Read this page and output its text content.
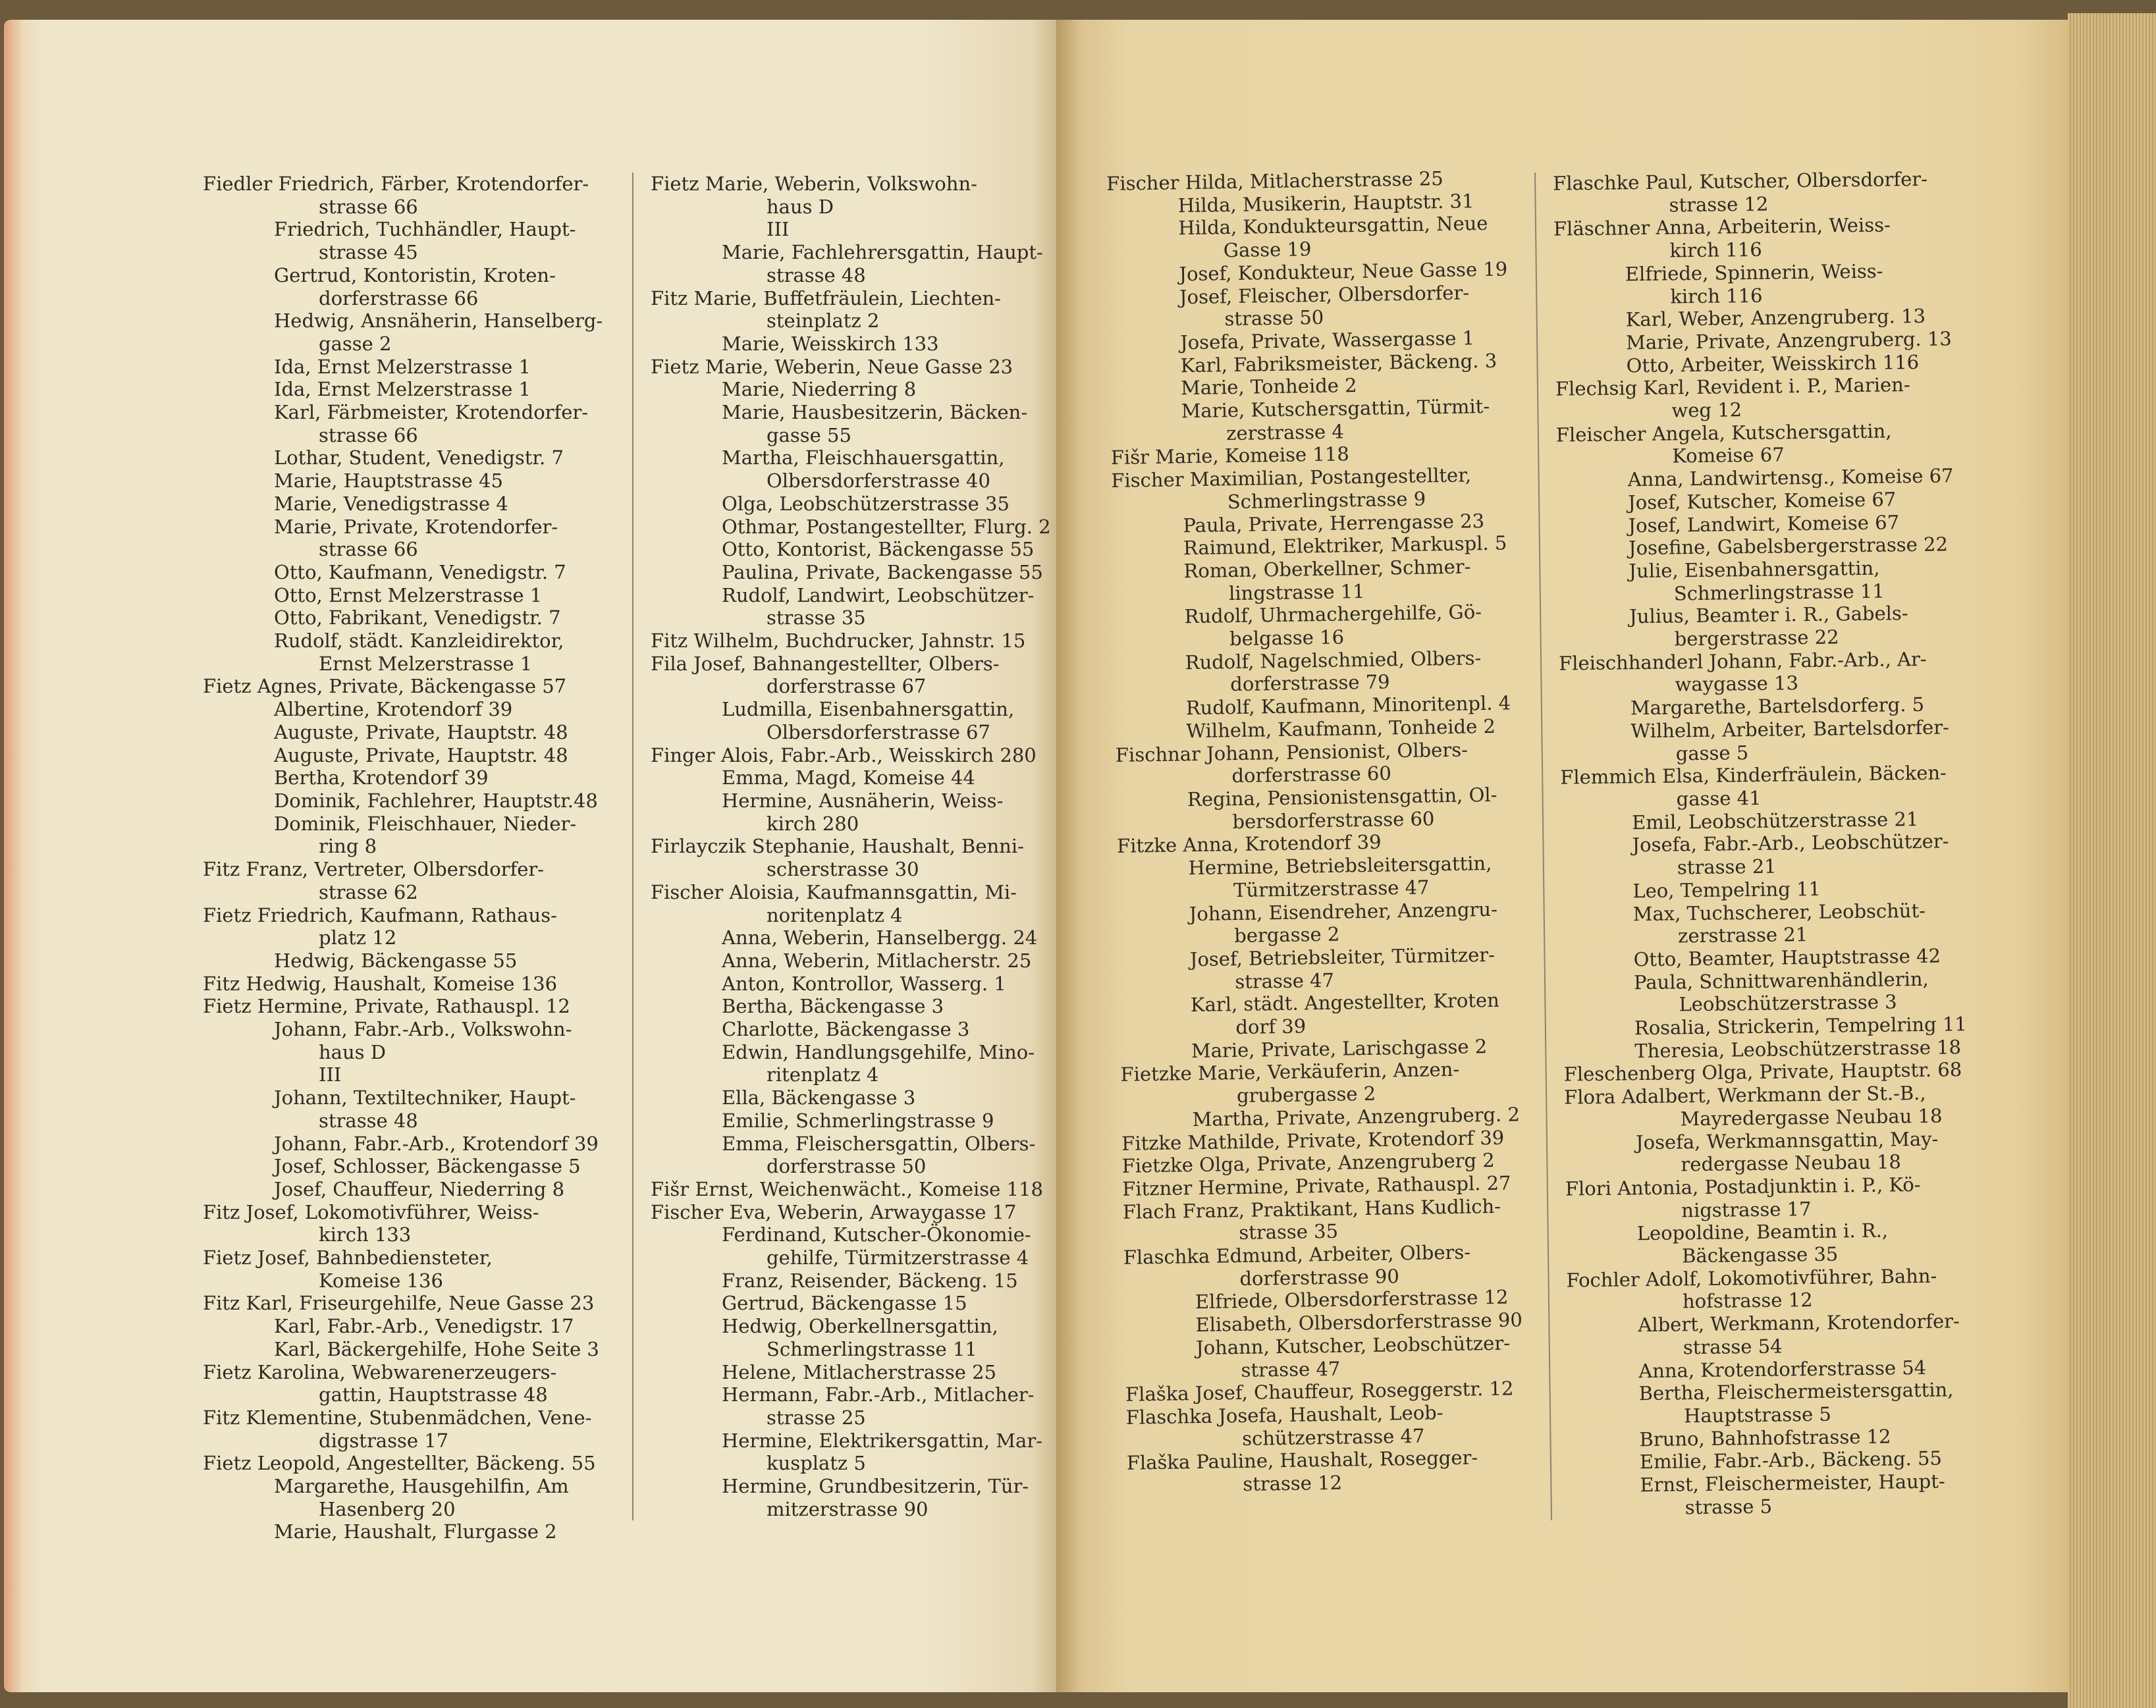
Fiedler Friedrich, Färber, Krotendorfer-
strasse 66
Friedrich, Tuchhändler, Haupt-
strasse 45
Gertrud, Kontoristin, Kroten-
dorferstrasse 66
Hedwig, Ansnäherin, Hanselberg-
gasse 2
Ida, Ernst Melzerstrasse 1
Ida, Ernst Melzerstrasse 1
Karl, Färbmeister, Krotendorfer-
strasse 66
Lothar, Student, Venedigstr. 7
Marie, Hauptstrasse 45
Marie, Venedigstrasse 4
Marie, Private, Krotendorfer-
strasse 66
Otto, Kaufmann, Venedigstr. 7
Otto, Ernst Melzerstrasse 1
Otto, Fabrikant, Venedigstr. 7
Rudolf, städt. Kanzleidirektor,
Ernst Melzerstrasse 1
Fietz Agnes, Private, Bäckengasse 57
Albertine, Krotendorf 39
Auguste, Private, Hauptstr. 48
Auguste, Private, Hauptstr. 48
Bertha, Krotendorf 39
Dominik, Fachlehrer, Hauptstr.48
Dominik, Fleischhauer, Nieder-
ring 8
Fitz Franz, Vertreter, Olbersdorfer-
strasse 62
Fietz Friedrich, Kaufmann, Rathaus-
platz 12
Hedwig, Bäckengasse 55
Fitz Hedwig, Haushalt, Komeise 136
Fietz Hermine, Private, Rathauspl. 12
Johann, Fabr.-Arb., Volkswohn-
haus D
III
Johann, Textiltechniker, Haupt-
strasse 48
Johann, Fabr.-Arb., Krotendorf 39
Josef, Schlosser, Bäckengasse 5
Josef, Chauffeur, Niederring 8
Fitz Josef, Lokomotivführer, Weiss-
kirch 133
Fietz Josef, Bahnbediensteter,
Komeise 136
Fitz Karl, Friseurgehilfe, Neue Gasse 23
Karl, Fabr.-Arb., Venedigstr. 17
Karl, Bäckergehilfe, Hohe Seite 3
Fietz Karolina, Webwarenerzeugers-
gattin, Hauptstrasse 48
Fitz Klementine, Stubenmädchen, Vene-
digstrasse 17
Fietz Leopold, Angestellter, Bäckeng. 55
Margarethe, Hausgehilfin, Am
Hasenberg 20
Marie, Haushalt, Flurgasse 2
Fietz Marie, Weberin, Volkswohn-
haus D
III
Marie, Fachlehrersgattin, Haupt-
strasse 48
Fitz Marie, Buffetfräulein, Liechten-
steinplatz 2
Marie, Weisskirch 133
Fietz Marie, Weberin, Neue Gasse 23
Marie, Niederring 8
Marie, Hausbesitzerin, Bäcken-
gasse 55
Martha, Fleischhauersgattin,
Olbersdorferstrasse 40
Olga, Leobschützerstrasse 35
Othmar, Postangestellter, Flurg. 2
Otto, Kontorist, Bäckengasse 55
Paulina, Private, Backengasse 55
Rudolf, Landwirt, Leobschützer-
strasse 35
Fitz Wilhelm, Buchdrucker, Jahnstr. 15
Fila Josef, Bahnangestellter, Olbers-
dorferstrasse 67
Ludmilla, Eisenbahnersgattin,
Olbersdorferstrasse 67
Finger Alois, Fabr.-Arb., Weisskirch 280
Emma, Magd, Komeise 44
Hermine, Ausnäherin, Weiss-
kirch 280
Firlayczik Stephanie, Haushalt, Benni-
scherstrasse 30
Fischer Aloisia, Kaufmannsgattin, Mi-
noritenplatz 4
Anna, Weberin, Hanselbergg. 24
Anna, Weberin, Mitlacherstr. 25
Anton, Kontrollor, Wasserg. 1
Bertha, Bäckengasse 3
Charlotte, Bäckengasse 3
Edwin, Handlungsgehilfe, Mino-
ritenplatz 4
Ella, Bäckengasse 3
Emilie, Schmerlingstrasse 9
Emma, Fleischersgattin, Olbers-
dorferstrasse 50
Fišr Ernst, Weichenwächt., Komeise 118
Fischer Eva, Weberin, Arwaygasse 17
Ferdinand, Kutscher-Ökonomie-
gehilfe, Türmitzerstrasse 4
Franz, Reisender, Bäckeng. 15
Gertrud, Bäckengasse 15
Hedwig, Oberkellnersgattin,
Schmerlingstrasse 11
Helene, Mitlacherstrasse 25
Hermann, Fabr.-Arb., Mitlacher-
strasse 25
Hermine, Elektrikersgattin, Mar-
kusplatz 5
Hermine, Grundbesitzerin, Tür-
mitzerstrasse 90
Fischer Hilda, Mitlacherstrasse 25
Hilda, Musikerin, Hauptstr. 31
Hilda, Kondukteursgattin, Neue
Gasse 19
Josef, Kondukteur, Neue Gasse 19
Josef, Fleischer, Olbersdorfer-
strasse 50
Josefa, Private, Wassergasse 1
Karl, Fabriksmeister, Bäckeng. 3
Marie, Tonheide 2
Marie, Kutschersgattin, Türmit-
zerstrasse 4
Fišr Marie, Komeise 118
Fischer Maximilian, Postangestellter,
Schmerlingstrasse 9
Paula, Private, Herrengasse 23
Raimund, Elektriker, Markuspl. 5
Roman, Oberkellner, Schmer-
lingstrasse 11
Rudolf, Uhrmachergehilfe, Gö-
belgasse 16
Rudolf, Nagelschmied, Olbers-
dorferstrasse 79
Rudolf, Kaufmann, Minoritenpl. 4
Wilhelm, Kaufmann, Tonheide 2
Fischnar Johann, Pensionist, Olbers-
dorferstrasse 60
Regina, Pensionistensgattin, Ol-
bersdorferstrasse 60
Fitzke Anna, Krotendorf 39
Hermine, Betriebsleitersgattin,
Türmitzerstrasse 47
Johann, Eisendreher, Anzengru-
bergasse 2
Josef, Betriebsleiter, Türmitzer-
strasse 47
Karl, städt. Angestellter, Kroten
dorf 39
Marie, Private, Larischgasse 2
Fietzke Marie, Verkäuferin, Anzen-
grubergasse 2
Martha, Private, Anzengruberg. 2
Fitzke Mathilde, Private, Krotendorf 39
Fietzke Olga, Private, Anzengruberg 2
Fitzner Hermine, Private, Rathauspl. 27
Flach Franz, Praktikant, Hans Kudlich-
strasse 35
Flaschka Edmund, Arbeiter, Olbers-
dorferstrasse 90
Elfriede, Olbersdorferstrasse 12
Elisabeth, Olbersdorferstrasse 90
Johann, Kutscher, Leobschützer-
strasse 47
Flaška Josef, Chauffeur, Roseggerstr. 12
Flaschka Josefa, Haushalt, Leob-
schützerstrasse 47
Flaška Pauline, Haushalt, Rosegger-
strasse 12
Flaschke Paul, Kutscher, Olbersdorfer-
strasse 12
Fläschner Anna, Arbeiterin, Weiss-
kirch 116
Elfriede, Spinnerin, Weiss-
kirch 116
Karl, Weber, Anzengruberg. 13
Marie, Private, Anzengruberg. 13
Otto, Arbeiter, Weisskirch 116
Flechsig Karl, Revident i. P., Marien-
weg 12
Fleischer Angela, Kutschersgattin,
Komeise 67
Anna, Landwirtensg., Komeise 67
Josef, Kutscher, Komeise 67
Josef, Landwirt, Komeise 67
Josefine, Gabelsbergerstrasse 22
Julie, Eisenbahnersgattin,
Schmerlingstrasse 11
Julius, Beamter i. R., Gabels-
bergerstrasse 22
Fleischhanderl Johann, Fabr.-Arb., Ar-
waygasse 13
Margarethe, Bartelsdorferg. 5
Wilhelm, Arbeiter, Bartelsdorfer-
gasse 5
Flemmich Elsa, Kinderfräulein, Bäcken-
gasse 41
Emil, Leobschützerstrasse 21
Josefa, Fabr.-Arb., Leobschützer-
strasse 21
Leo, Tempelring 11
Max, Tuchscherer, Leobschüt-
zerstrasse 21
Otto, Beamter, Hauptstrasse 42
Paula, Schnittwarenhändlerin,
Leobschützerstrasse 3
Rosalia, Strickerin, Tempelring 11
Theresia, Leobschützerstrasse 18
Fleschenberg Olga, Private, Hauptstr. 68
Flora Adalbert, Werkmann der St.-B.,
Mayredergasse Neubau 18
Josefa, Werkmannsgattin, May-
redergasse Neubau 18
Flori Antonia, Postadjunktin i. P., Kö-
nigstrasse 17
Leopoldine, Beamtin i. R.,
Bäckengasse 35
Fochler Adolf, Lokomotivführer, Bahn-
hofstrasse 12
Albert, Werkmann, Krotendorfer-
strasse 54
Anna, Krotendorferstrasse 54
Bertha, Fleischermeistersgattin,
Hauptstrasse 5
Bruno, Bahnhofstrasse 12
Emilie, Fabr.-Arb., Bäckeng. 55
Ernst, Fleischermeister, Haupt-
strasse 5
